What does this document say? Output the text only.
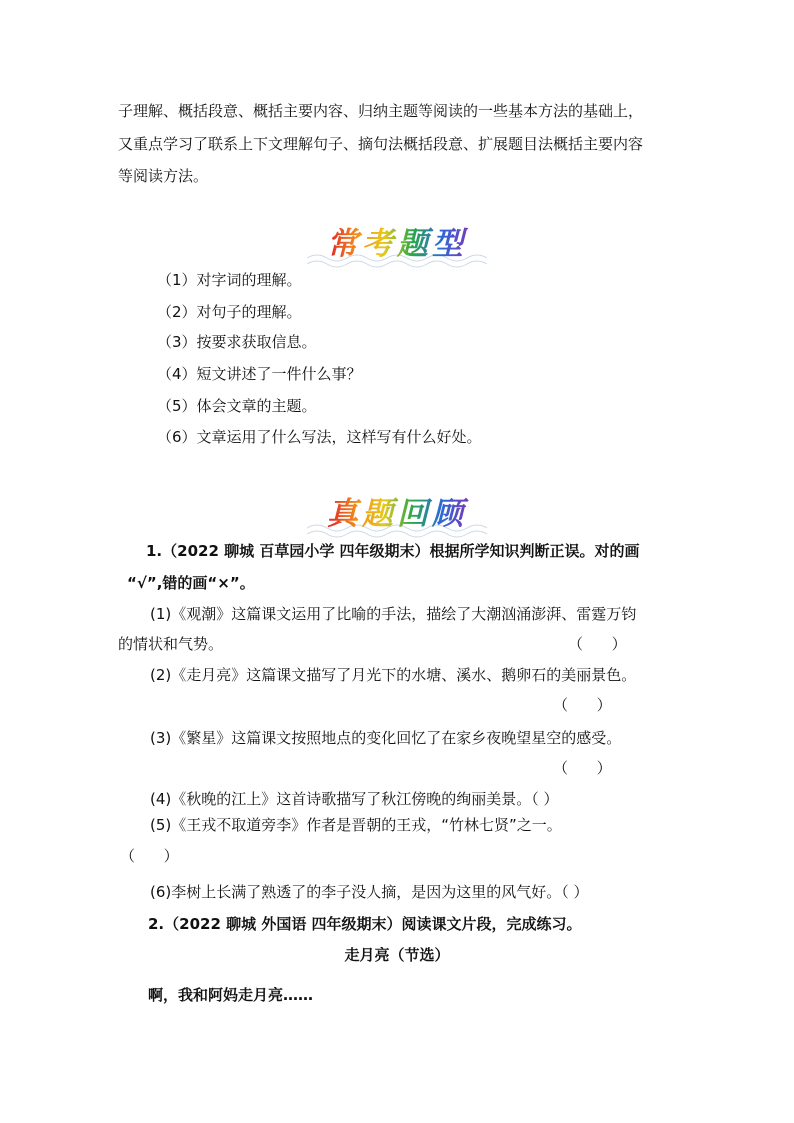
子理解、概括段意、概括主要内容、归纳主题等阅读的一些基本方法的基础上，
又重点学习了联系上下文理解句子、摘句法概括段意、扩展题目法概括主要内容
等阅读方法。
常考题型
（1）对字词的理解。
（2）对句子的理解。
（3）按要求获取信息。
（4）短文讲述了一件什么事？
（5）体会文章的主题。
（6）文章运用了什么写法，这样写有什么好处。
真题回顾
1.（2022 聊城 百草园小学 四年级期末）根据所学知识判断正误。对的画
“√”,错的画“×”。
(1)《观潮》这篇课文运用了比喻的手法，描绘了大潮汹涌澎湃、雷霆万钧
的情状和气势。	（      ）
(2)《走月亮》这篇课文描写了月光下的水塘、溪水、鹅卵石的美丽景色。
（      ）
(3)《繁星》这篇课文按照地点的变化回忆了在家乡夜晚望星空的感受。
（      ）
(4)《秋晚的江上》这首诗歌描写了秋江傍晚的绚丽美景。（ ）
(5)《王戎不取道旁李》作者是晋朝的王戎，“竹林七贤”之一。
（      ）
(6)李树上长满了熟透了的李子没人摘，是因为这里的风气好。（ ）
2.（2022 聊城 外国语 四年级期末）阅读课文片段，完成练习。
走月亮（节选）
啊，我和阿妈走月亮……
